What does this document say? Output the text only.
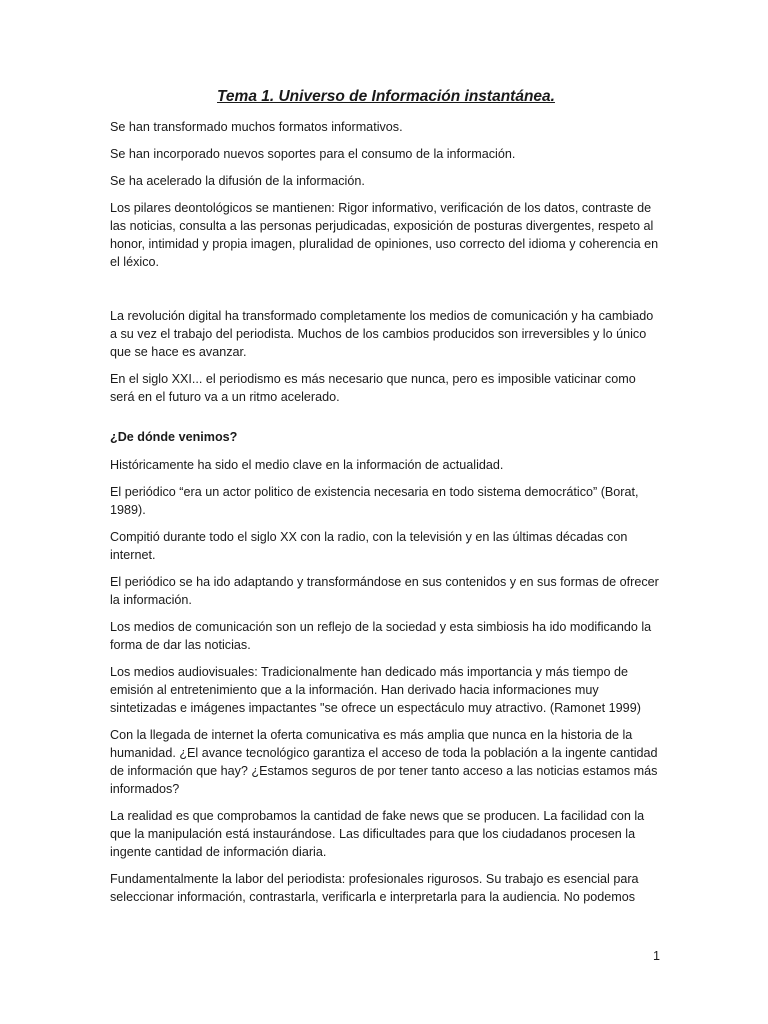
Tema 1. Universo de Información instantánea.

Se han transformado muchos formatos informativos.

Se han incorporado nuevos soportes para el consumo de la información.

Se ha acelerado la difusión de la información.

Los pilares deontológicos se mantienen: Rigor informativo, verificación de los datos, contraste de las noticias, consulta a las personas perjudicadas, exposición de posturas divergentes, respeto al honor, intimidad y propia imagen, pluralidad de opiniones, uso correcto del idioma y coherencia en el léxico.

La revolución digital ha transformado completamente los medios de comunicación y ha cambiado a su vez el trabajo del periodista. Muchos de los cambios producidos son irreversibles y lo único que se hace es avanzar.

En el siglo XXI... el periodismo es más necesario que nunca, pero es imposible vaticinar como será en el futuro va a un ritmo acelerado.

¿De dónde venimos?

Históricamente ha sido el medio clave en la información de actualidad.

El periódico “era un actor politico de existencia necesaria en todo sistema democrático” (Borat, 1989).

Compitió durante todo el siglo XX con la radio, con la televisión y en las últimas décadas con internet.

El periódico se ha ido adaptando y transformándose en sus contenidos y en sus formas de ofrecer la información.

Los medios de comunicación son un reflejo de la sociedad y esta simbiosis ha ido modificando la forma de dar las noticias.

Los medios audiovisuales: Tradicionalmente han dedicado más importancia y más tiempo de emisión al entretenimiento que a la información. Han derivado hacia informaciones muy sintetizadas e imágenes impactantes "se ofrece un espectáculo muy atractivo. (Ramonet 1999)

Con la llegada de internet la oferta comunicativa es más amplia que nunca en la historia de la humanidad. ¿El avance tecnológico garantiza el acceso de toda la población a la ingente cantidad de información que hay? ¿Estamos seguros de por tener tanto acceso a las noticias estamos más informados?

La realidad es que comprobamos la cantidad de fake news que se producen. La facilidad con la que la manipulación está instaurándose. Las dificultades para que los ciudadanos procesen la ingente cantidad de información diaria.

Fundamentalmente la labor del periodista: profesionales rigurosos. Su trabajo es esencial para seleccionar información, contrastarla, verificarla e interpretarla para la audiencia. No podemos

1
